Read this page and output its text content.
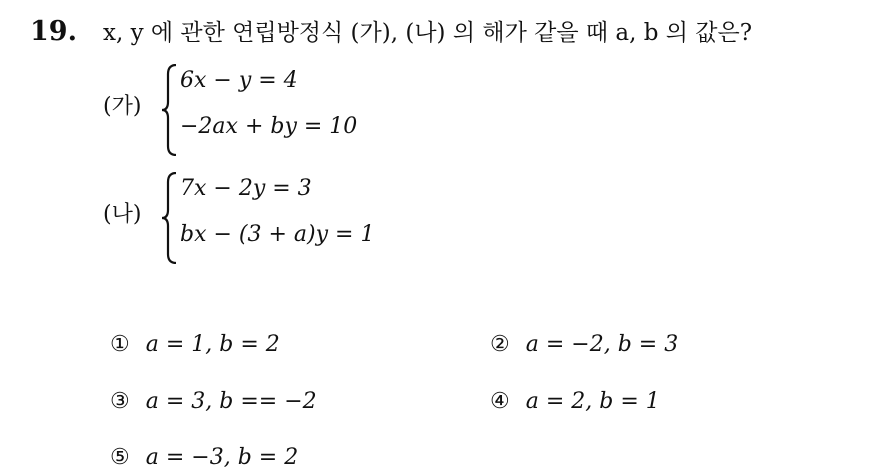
19. x, y 에 관한 연립방정식 (가), (나) 의 해가 같을 때 a, b 의 값은?
(가)
6x − y = 4
−2ax + by = 10
(나)
7x − 2y = 3
bx − (3 + a)y = 1
① a = 1, b = 2	② a = −2, b = 3
③ a = 3, b == −2	④ a = 2, b = 1
⑤ a = −3, b = 2
